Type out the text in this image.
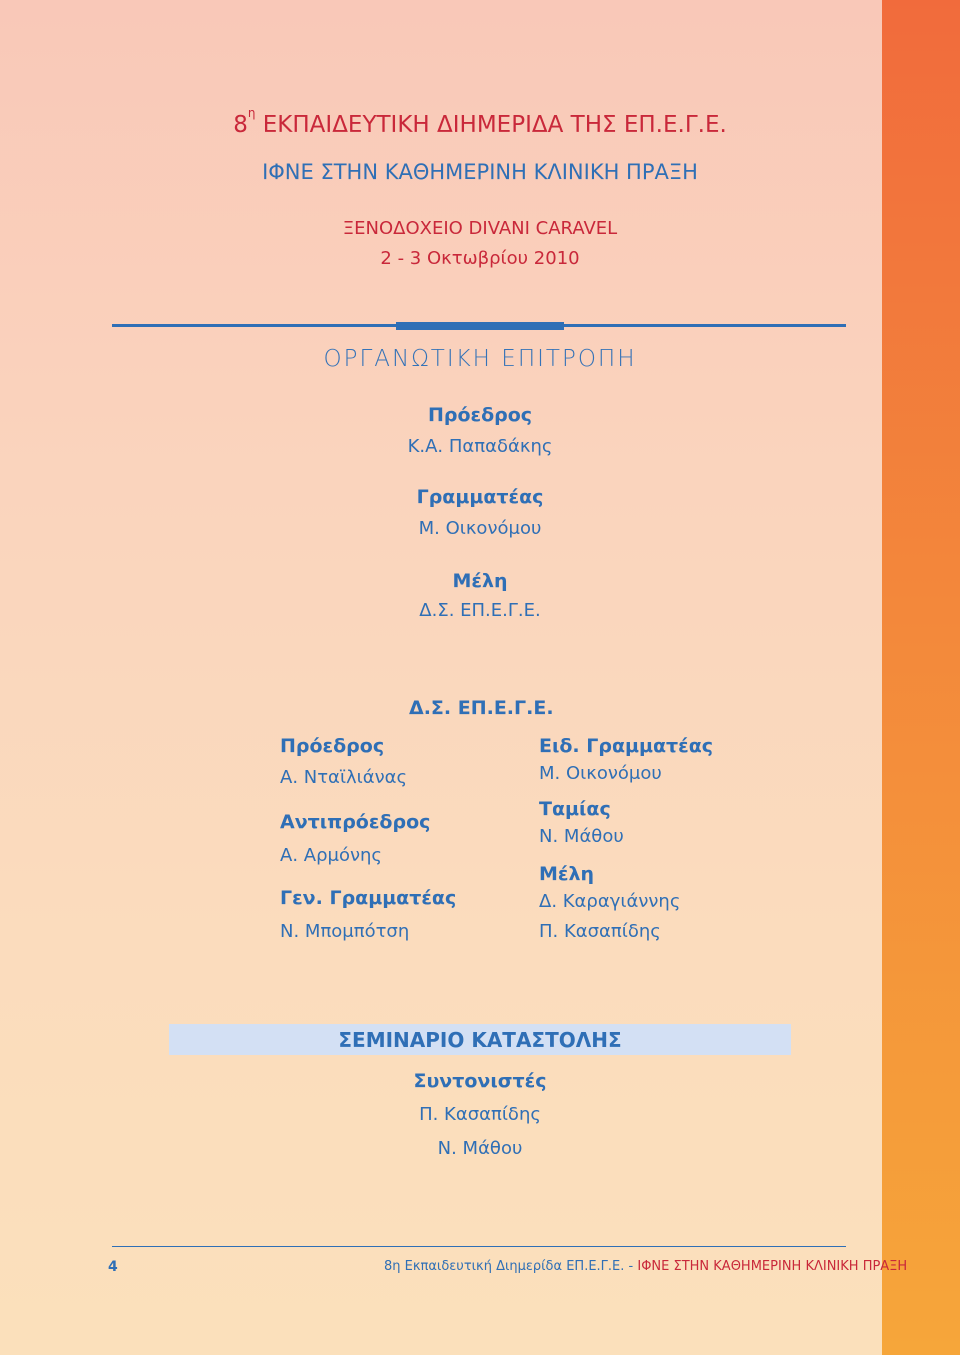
$8^\eta$ ΕΚΠΑΙΔΕΥΤΙΚΗ ΔΙΗΜΕΡΙΔΑ ΤΗΣ ΕΠ.Ε.Γ.Ε.
ΙΦΝΕ ΣΤΗΝ ΚΑΘΗΜΕΡΙΝΗ ΚΛΙΝΙΚΗ ΠΡΑΞΗ
ΞΕΝΟΔΟΧΕΙΟ DIVANI CARAVEL
2 - 3 Οκτωβρίου 2010
ΟΡΓΑΝΩΤΙΚΗ ΕΠΙΤΡΟΠΗ
Πρόεδρος
Κ.Α. Παπαδάκης
Γραμματέας
Μ. Οικονόμου
Μέλη
Δ.Σ. ΕΠ.Ε.Γ.Ε.
Δ.Σ. ΕΠ.Ε.Γ.Ε.
Πρόεδρος
Α. Νταϊλιάνας
Αντιπρόεδρος
Α. Αρμόνης
Γεν. Γραμματέας
Ν. Μπομπότση
Ειδ. Γραμματέας
Μ. Οικονόμου
Ταμίας
Ν. Μάθου
Μέλη
Δ. Καραγιάννης
Π. Κασαπίδης
ΣΕΜΙΝΑΡΙΟ ΚΑΤΑΣΤΟΛΗΣ
Συντονιστές
Π. Κασαπίδης
Ν. Μάθου
4	8η Εκπαιδευτική Διημερίδα ΕΠ.Ε.Γ.Ε. - ΙΦΝΕ ΣΤΗΝ ΚΑΘΗΜΕΡΙΝΗ ΚΛΙΝΙΚΗ ΠΡΑΞΗ
